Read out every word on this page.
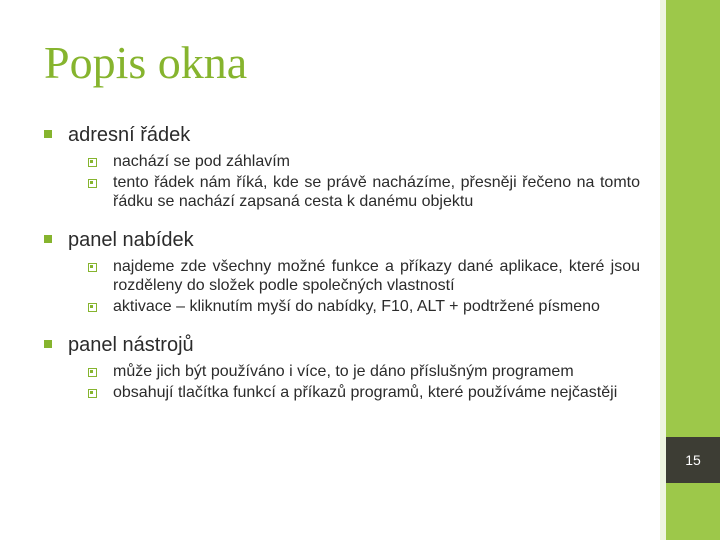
15
Popis okna
adresní řádek
nachází se pod záhlavím
tento řádek nám říká, kde se právě nacházíme, přesněji řečeno na tomto řádku se nachází zapsaná cesta k danému objektu
panel nabídek
najdeme zde všechny možné funkce a příkazy dané aplikace, které jsou rozděleny do složek podle společných vlastností
aktivace – kliknutím myší do nabídky, F10, ALT + podtržené písmeno
panel nástrojů
může jich být používáno i více, to je dáno příslušným programem
obsahují tlačítka funkcí a příkazů programů, které používáme nejčastěji
